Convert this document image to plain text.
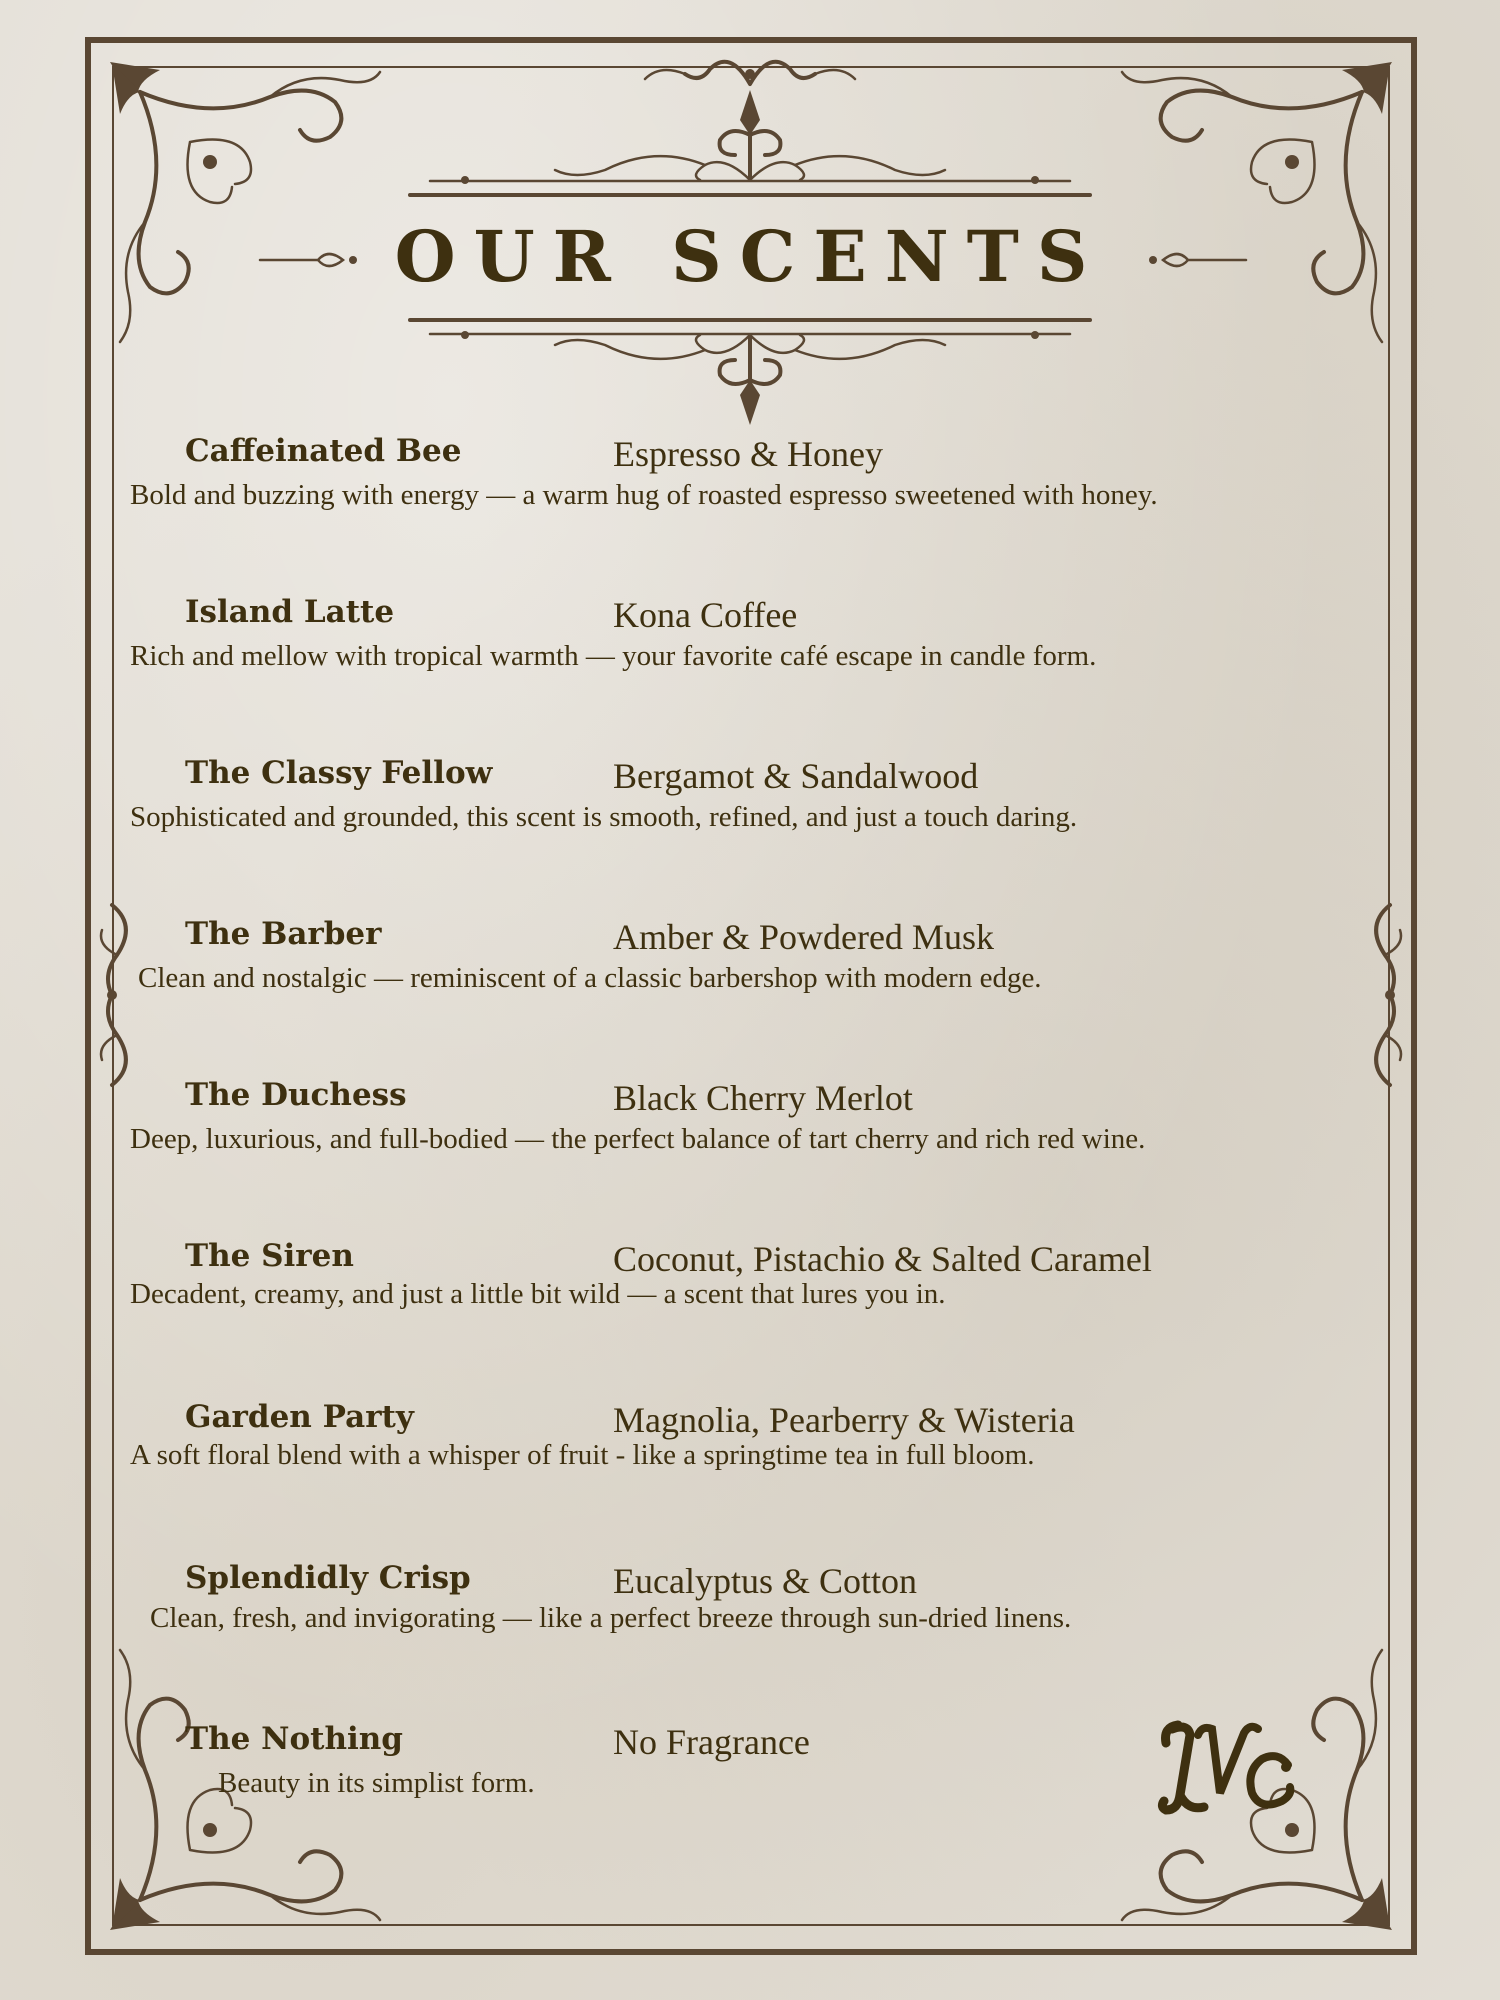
OUR SCENTS
Caffeinated Bee	Espresso & Honey
Bold and buzzing with energy — a warm hug of roasted espresso sweetened with honey.
Island Latte	Kona Coffee
Rich and mellow with tropical warmth — your favorite café escape in candle form.
The Classy Fellow	Bergamot & Sandalwood
Sophisticated and grounded, this scent is smooth, refined, and just a touch daring.
The Barber	Amber & Powdered Musk
Clean and nostalgic — reminiscent of a classic barbershop with modern edge.
The Duchess	Black Cherry Merlot
Deep, luxurious, and full-bodied — the perfect balance of tart cherry and rich red wine.
The Siren	Coconut, Pistachio & Salted Caramel
Decadent, creamy, and just a little bit wild — a scent that lures you in.
Garden Party	Magnolia, Pearberry & Wisteria
A soft floral blend with a whisper of fruit - like a springtime tea in full bloom.
Splendidly Crisp	Eucalyptus & Cotton
Clean, fresh, and invigorating — like a perfect breeze through sun-dried linens.
The Nothing	No Fragrance
Beauty in its simplist form.
